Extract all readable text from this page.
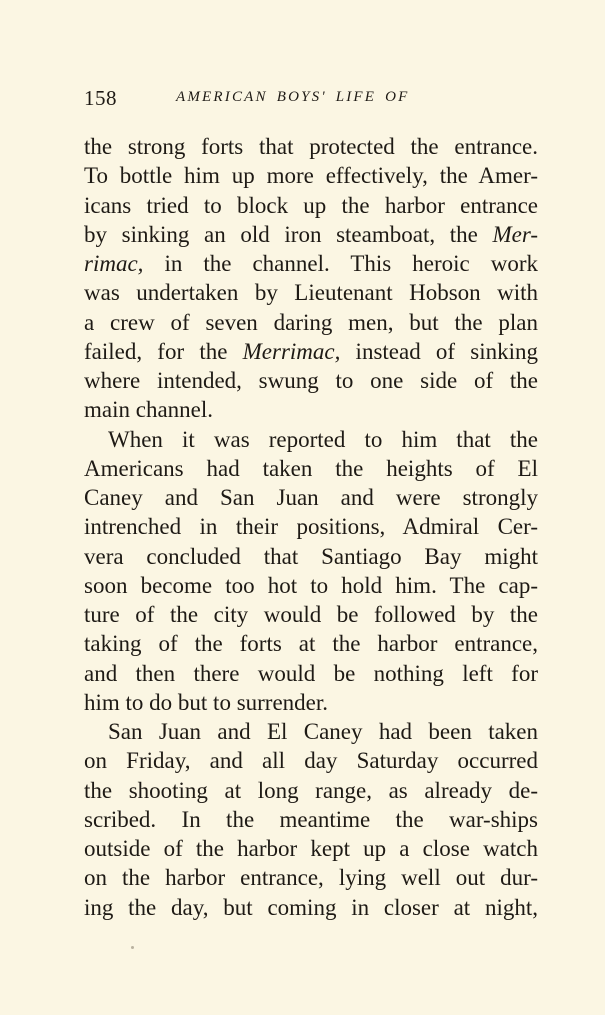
158	AMERICAN BOYS' LIFE OF
the strong forts that protected the entrance.
To bottle him up more effectively, the Amer-
icans tried to block up the harbor entrance
by sinking an old iron steamboat, the Mer-
rimac, in the channel. This heroic work
was undertaken by Lieutenant Hobson with
a crew of seven daring men, but the plan
failed, for the Merrimac, instead of sinking
where intended, swung to one side of the
main channel.
When it was reported to him that the
Americans had taken the heights of El
Caney and San Juan and were strongly
intrenched in their positions, Admiral Cer-
vera concluded that Santiago Bay might
soon become too hot to hold him. The cap-
ture of the city would be followed by the
taking of the forts at the harbor entrance,
and then there would be nothing left for
him to do but to surrender.
San Juan and El Caney had been taken
on Friday, and all day Saturday occurred
the shooting at long range, as already de-
scribed. In the meantime the war-ships
outside of the harbor kept up a close watch
on the harbor entrance, lying well out dur-
ing the day, but coming in closer at night,
